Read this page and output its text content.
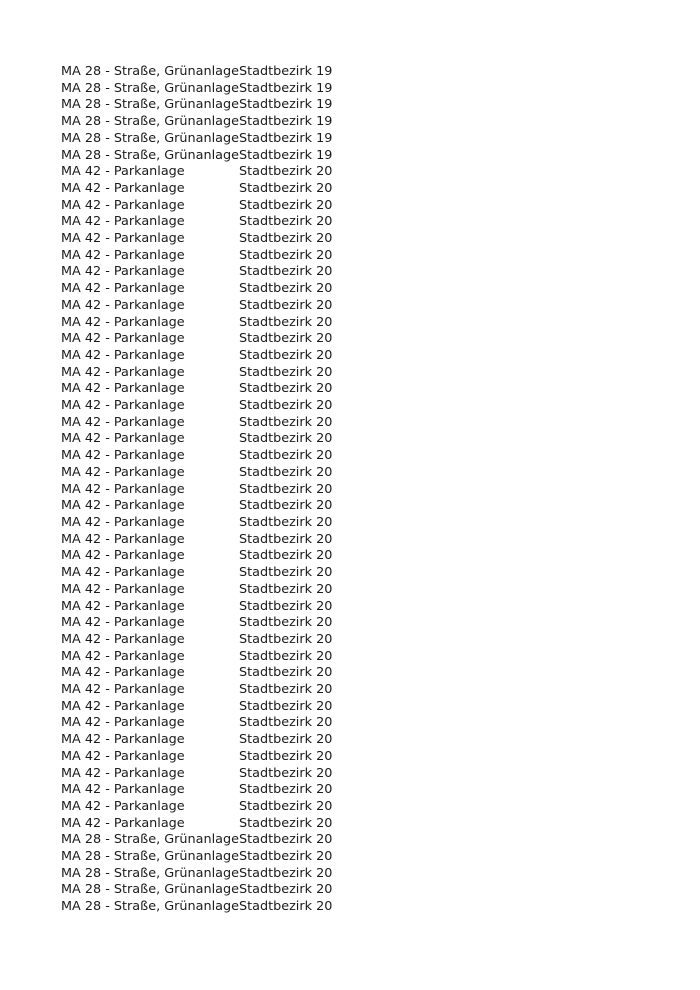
MA 28 - Straße, Grünanlage	Stadtbezirk 19
MA 28 - Straße, Grünanlage	Stadtbezirk 19
MA 28 - Straße, Grünanlage	Stadtbezirk 19
MA 28 - Straße, Grünanlage	Stadtbezirk 19
MA 28 - Straße, Grünanlage	Stadtbezirk 19
MA 28 - Straße, Grünanlage	Stadtbezirk 19
MA 42 - Parkanlage	Stadtbezirk 20
MA 42 - Parkanlage	Stadtbezirk 20
MA 42 - Parkanlage	Stadtbezirk 20
MA 42 - Parkanlage	Stadtbezirk 20
MA 42 - Parkanlage	Stadtbezirk 20
MA 42 - Parkanlage	Stadtbezirk 20
MA 42 - Parkanlage	Stadtbezirk 20
MA 42 - Parkanlage	Stadtbezirk 20
MA 42 - Parkanlage	Stadtbezirk 20
MA 42 - Parkanlage	Stadtbezirk 20
MA 42 - Parkanlage	Stadtbezirk 20
MA 42 - Parkanlage	Stadtbezirk 20
MA 42 - Parkanlage	Stadtbezirk 20
MA 42 - Parkanlage	Stadtbezirk 20
MA 42 - Parkanlage	Stadtbezirk 20
MA 42 - Parkanlage	Stadtbezirk 20
MA 42 - Parkanlage	Stadtbezirk 20
MA 42 - Parkanlage	Stadtbezirk 20
MA 42 - Parkanlage	Stadtbezirk 20
MA 42 - Parkanlage	Stadtbezirk 20
MA 42 - Parkanlage	Stadtbezirk 20
MA 42 - Parkanlage	Stadtbezirk 20
MA 42 - Parkanlage	Stadtbezirk 20
MA 42 - Parkanlage	Stadtbezirk 20
MA 42 - Parkanlage	Stadtbezirk 20
MA 42 - Parkanlage	Stadtbezirk 20
MA 42 - Parkanlage	Stadtbezirk 20
MA 42 - Parkanlage	Stadtbezirk 20
MA 42 - Parkanlage	Stadtbezirk 20
MA 42 - Parkanlage	Stadtbezirk 20
MA 42 - Parkanlage	Stadtbezirk 20
MA 42 - Parkanlage	Stadtbezirk 20
MA 42 - Parkanlage	Stadtbezirk 20
MA 42 - Parkanlage	Stadtbezirk 20
MA 42 - Parkanlage	Stadtbezirk 20
MA 42 - Parkanlage	Stadtbezirk 20
MA 42 - Parkanlage	Stadtbezirk 20
MA 42 - Parkanlage	Stadtbezirk 20
MA 42 - Parkanlage	Stadtbezirk 20
MA 42 - Parkanlage	Stadtbezirk 20
MA 28 - Straße, Grünanlage	Stadtbezirk 20
MA 28 - Straße, Grünanlage	Stadtbezirk 20
MA 28 - Straße, Grünanlage	Stadtbezirk 20
MA 28 - Straße, Grünanlage	Stadtbezirk 20
MA 28 - Straße, Grünanlage	Stadtbezirk 20
